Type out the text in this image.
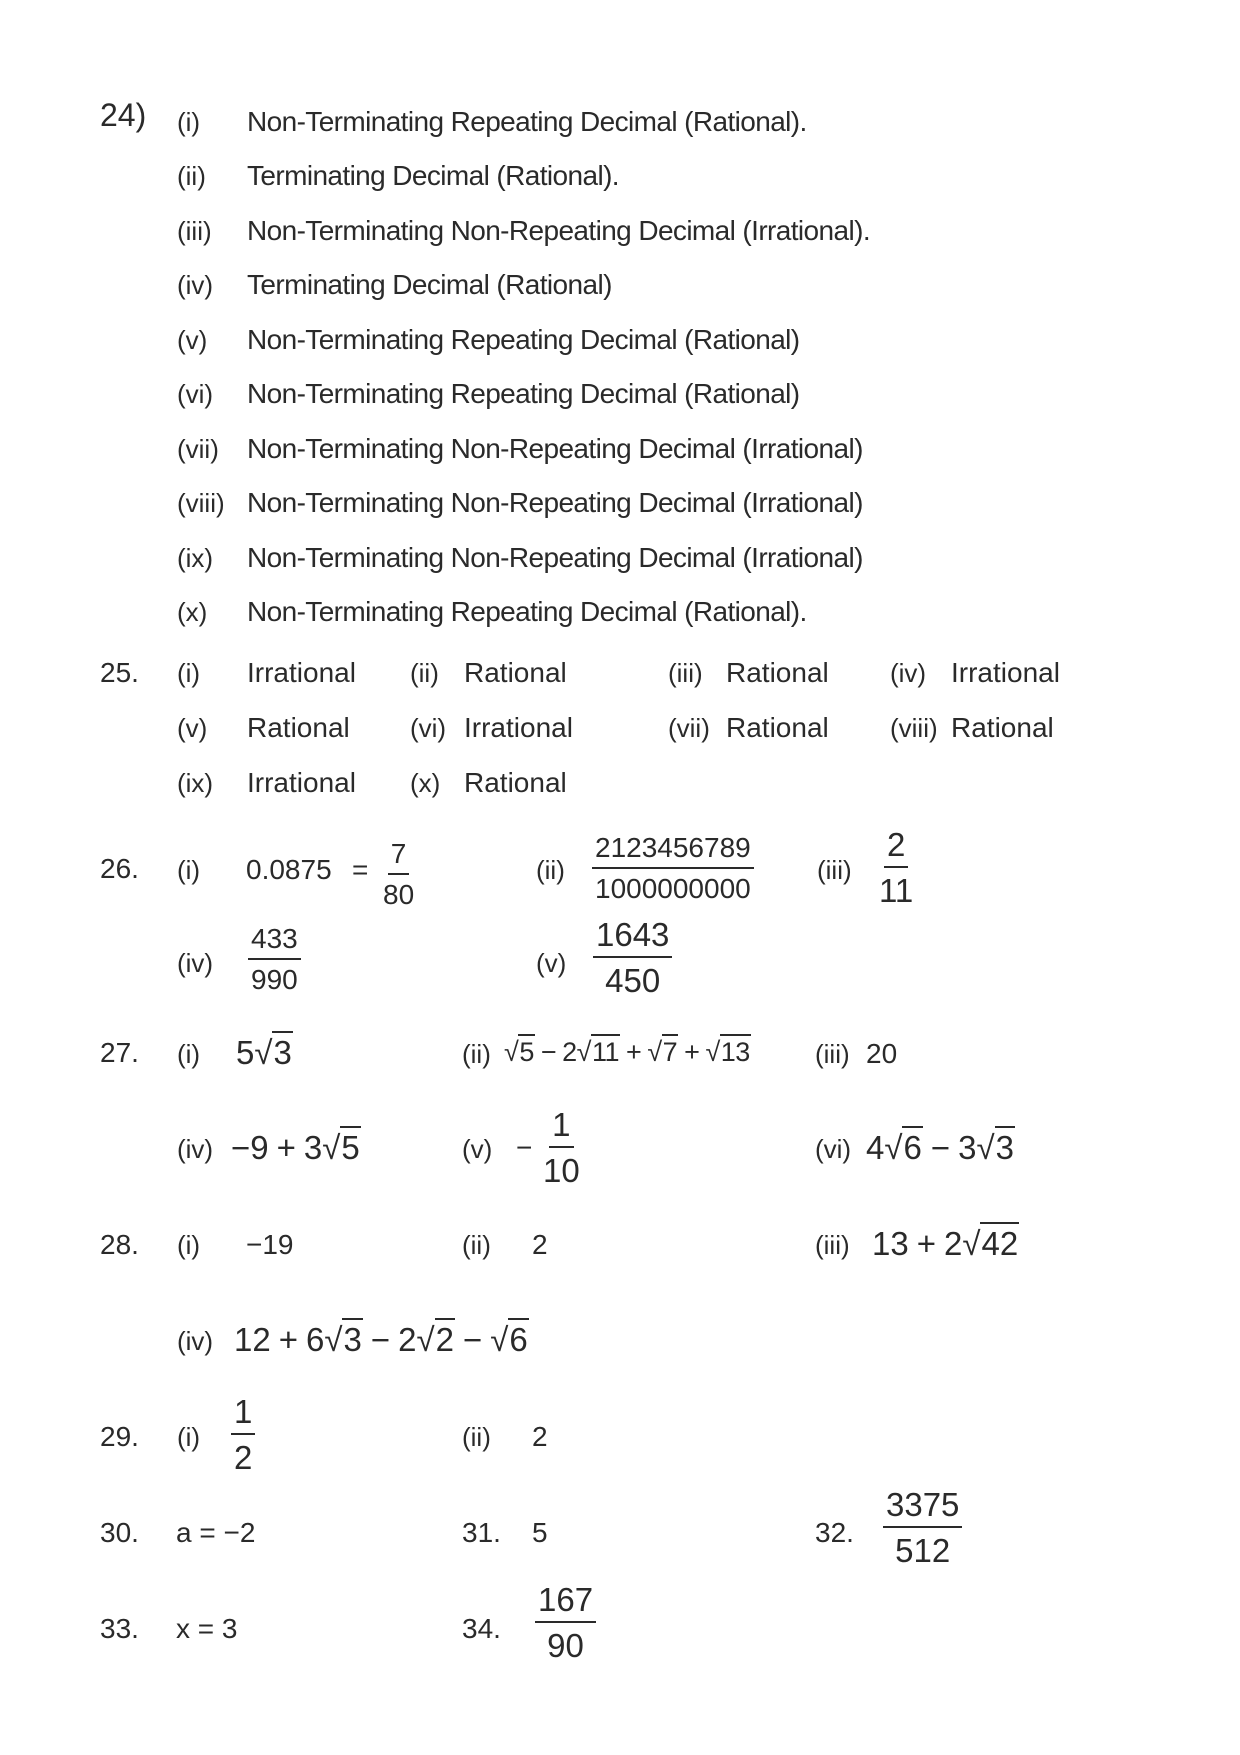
24) (i) Non-Terminating Repeating Decimal (Rational).
(ii) Terminating Decimal (Rational).
(iii) Non-Terminating Non-Repeating Decimal (Irrational).
(iv) Terminating Decimal (Rational)
(v) Non-Terminating Repeating Decimal (Rational)
(vi) Non-Terminating Repeating Decimal (Rational)
(vii) Non-Terminating Non-Repeating Decimal (Irrational)
(viii) Non-Terminating Non-Repeating Decimal (Irrational)
(ix) Non-Terminating Non-Repeating Decimal (Irrational)
(x) Non-Terminating Repeating Decimal (Rational).
25. (i) Irrational (ii) Rational	(iii) Rational (iv) Irrational
(v) Rational (vi) Irrational	(vii) Rational (viii) Rational
(ix) Irrational (x) Rational
26. (i) $0.0875 = \frac{7}{80}$	$(ii) \frac{2123456789}{1000000000} (iii) \frac{2}{11}$
$(iv) \frac{433}{990}$	$(v) \frac{1643}{450}$
27. (i) 5 √ 3	(ii) √ 5 − 2 √ 11 + √ 7 + √ 13	(iii) 20
(iv) −9 + 3 √ 5	$(v) - \frac{1}{10}$	(vi) 4 √ 6 − 3 √ 3
28. (i) −19	(ii) 2	(iii) 13 + 2 √ 42
(iv) 12 + 6 √ 3 − 2 √ 2 − √ 6
29. $(i) \frac{1}{2}$	(ii) 2
30. a = −2	31. 5	32. $\frac{3375}{512}$
33. x = 3	34. $\frac{167}{90}$
